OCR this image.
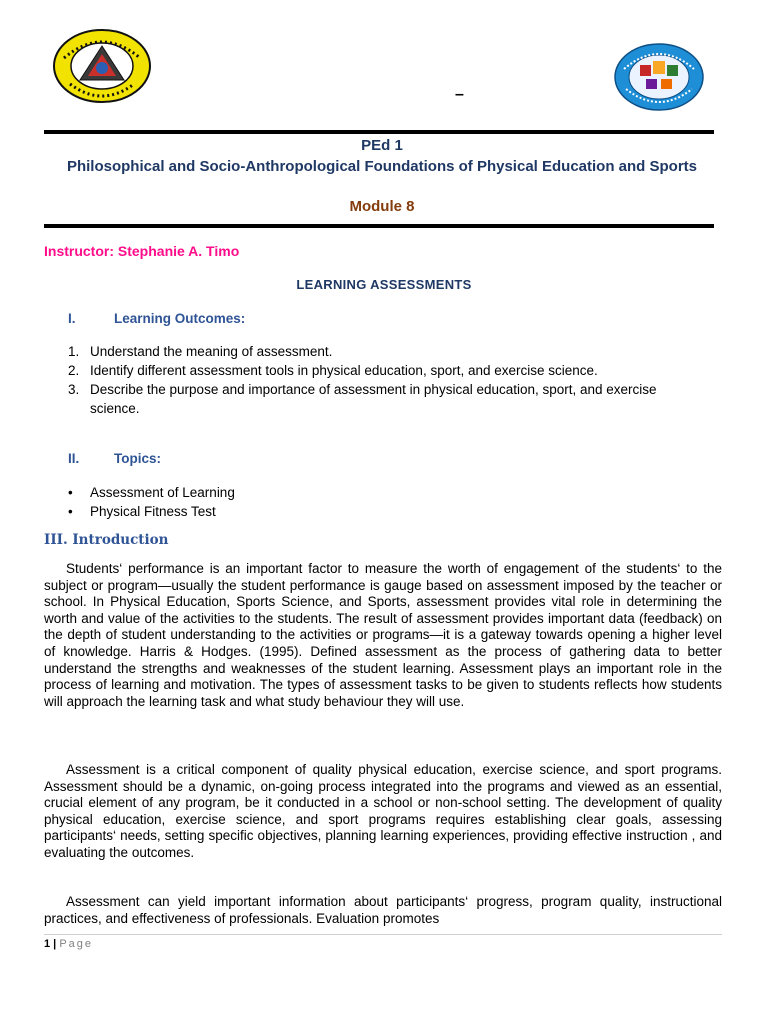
–
PEd 1
Philosophical and Socio-Anthropological Foundations of Physical Education and Sports
Module 8
Instructor: Stephanie A. Timo
LEARNING ASSESSMENTS
I.	Learning Outcomes:
1. Understand the meaning of assessment.
2. Identify different assessment tools in physical education, sport, and exercise science.
3. Describe the purpose and importance of assessment in physical education, sport, and exercise science.
II.	Topics:
• Assessment of Learning
• Physical Fitness Test
III. Introduction

Students‘ performance is an important factor to measure the worth of engagement of the students‘ to the subject or program—usually the student performance is gauge based on assessment imposed by the teacher or school. In Physical Education, Sports Science, and Sports, assessment provides vital role in determining the worth and value of the activities to the students. The result of assessment provides important data (feedback) on the depth of student understanding to the activities or programs—it is a gateway towards opening a higher level of knowledge. Harris & Hodges. (1995). Defined assessment as the process of gathering data to better understand the strengths and weaknesses of the student learning. Assessment plays an important role in the process of learning and motivation. The types of assessment tasks to be given to students reflects how students will approach the learning task and what study behaviour they will use.

Assessment is a critical component of quality physical education, exercise science, and sport programs. Assessment should be a dynamic, on-going process integrated into the programs and viewed as an essential, crucial element of any program, be it conducted in a school or non-school setting. The development of quality physical education, exercise science, and sport programs requires establishing clear goals, assessing participants‘ needs, setting specific objectives, planning learning experiences, providing effective instruction , and evaluating the outcomes.

Assessment can yield important information about participants‘ progress, program quality, instructional practices, and effectiveness of professionals. Evaluation promotes

1 | Page
